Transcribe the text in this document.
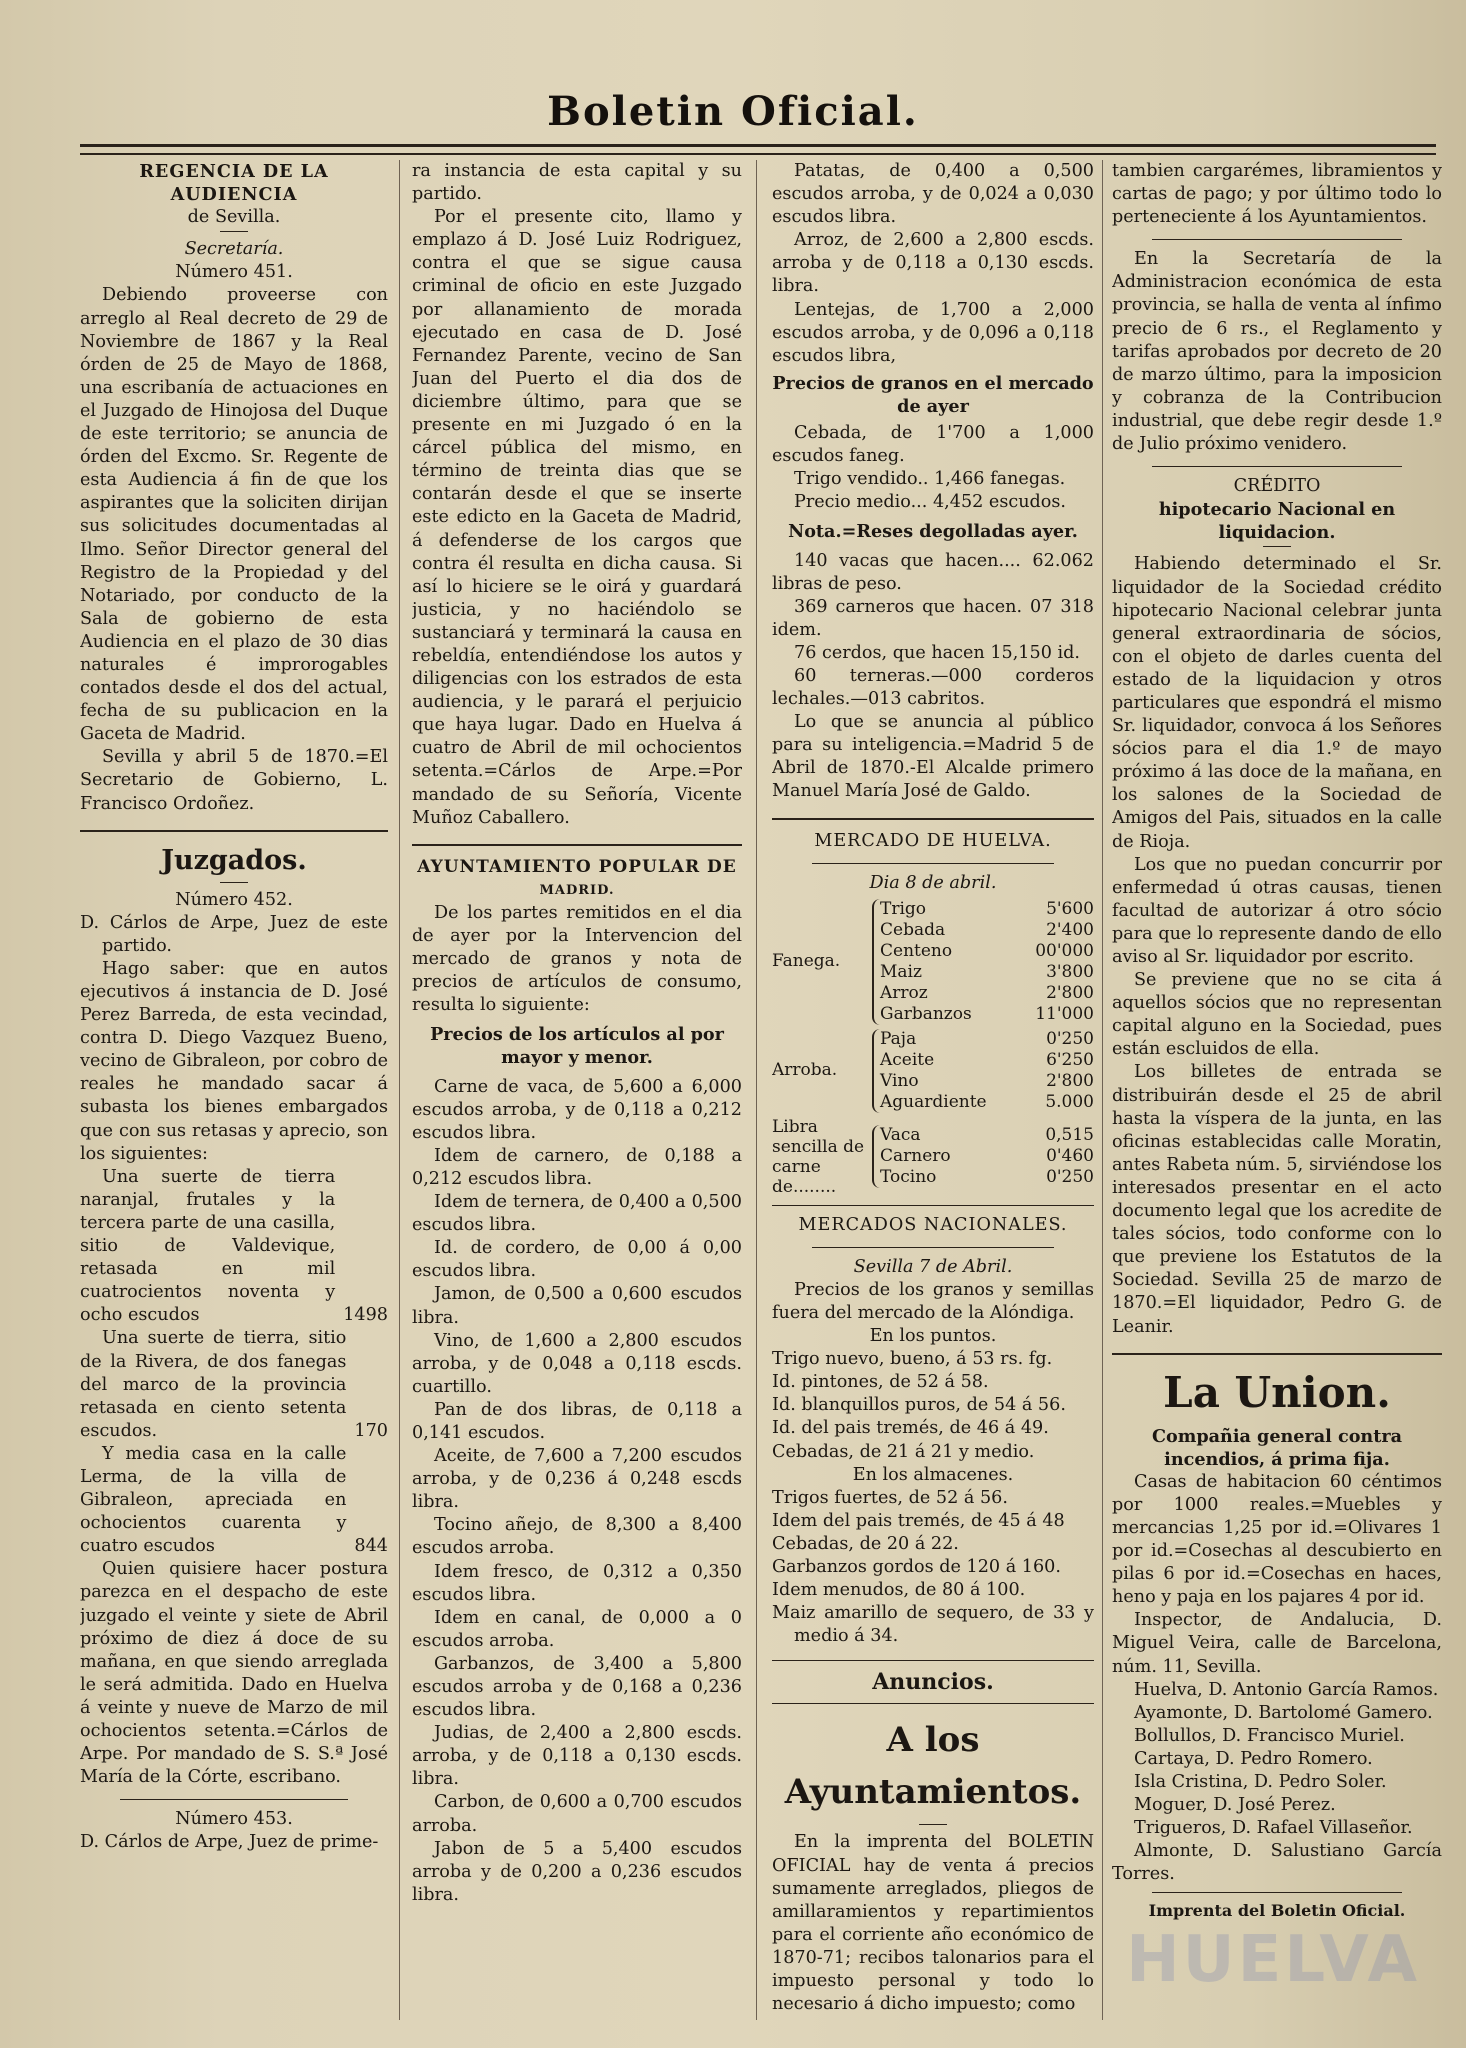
Boletin Oficial.
REGENCIA DE LA AUDIENCIA
de Sevilla.
Secretaría.
Número 451.

Debiendo proveerse con arreglo al Real decreto de 29 de Noviembre de 1867 y la Real órden de 25 de Mayo de 1868, una escribanía de actuaciones en el Juzgado de Hinojosa del Duque de este territorio; se anuncia de órden del Excmo. Sr. Regente de esta Audiencia á fin de que los aspirantes que la soliciten dirijan sus solicitudes documentadas al Ilmo. Señor Director general del Registro de la Propiedad y del Notariado, por conducto de la Sala de gobierno de esta Audiencia en el plazo de 30 dias naturales é improrogables contados desde el dos del actual, fecha de su publicacion en la Gaceta de Madrid.

Sevilla y abril 5 de 1870.=El Secretario de Gobierno, L. Francisco Ordoñez.

Juzgados.
Número 452.

D. Cárlos de Arpe, Juez de este partido.

Hago saber: que en autos ejecutivos á instancia de D. José Perez Barreda, de esta vecindad, contra D. Diego Vazquez Bueno, vecino de Gibraleon, por cobro de reales he mandado sacar á subasta los bienes embargados que con sus retasas y aprecio, son los siguientes:

Una suerte de tierra naranjal, frutales y la tercera parte de una casilla, sitio de Valdevique, retasada en mil cuatrocientos noventa y ocho escudos	1498

Una suerte de tierra, sitio de la Rivera, de dos fanegas del marco de la provincia retasada en ciento setenta escudos.	170

Y media casa en la calle Lerma, de la villa de Gibraleon, apreciada en ochocientos cuarenta y cuatro escudos	844

Quien quisiere hacer postura parezca en el despacho de este juzgado el veinte y siete de Abril próximo de diez á doce de su mañana, en que siendo arreglada le será admitida. Dado en Huelva á veinte y nueve de Marzo de mil ochocientos setenta.=Cárlos de Arpe. Por mandado de S. S.ª José María de la Córte, escribano.

Número 453.

D. Cárlos de Arpe, Juez de prime-

ra instancia de esta capital y su partido.

Por el presente cito, llamo y emplazo á D. José Luiz Rodriguez, contra el que se sigue causa criminal de oficio en este Juzgado por allanamiento de morada ejecutado en casa de D. José Fernandez Parente, vecino de San Juan del Puerto el dia dos de diciembre último, para que se presente en mi Juzgado ó en la cárcel pública del mismo, en término de treinta dias que se contarán desde el que se inserte este edicto en la Gaceta de Madrid, á defenderse de los cargos que contra él resulta en dicha causa. Si así lo hiciere se le oirá y guardará justicia, y no haciéndolo se sustanciará y terminará la causa en rebeldía, entendiéndose los autos y diligencias con los estrados de esta audiencia, y le parará el perjuicio que haya lugar. Dado en Huelva á cuatro de Abril de mil ochocientos setenta.=Cárlos de Arpe.=Por mandado de su Señoría, Vicente Muñoz Caballero.

AYUNTAMIENTO POPULAR DE
MADRID.

De los partes remitidos en el dia de ayer por la Intervencion del mercado de granos y nota de precios de artículos de consumo, resulta lo siguiente:

Precios de los artículos al por mayor y menor.

Carne de vaca, de 5,600 a 6,000 escudos arroba, y de 0,118 a 0,212 escudos libra.

Idem de carnero, de 0,188 a 0,212 escudos libra.

Idem de ternera, de 0,400 a 0,500 escudos libra.

Id. de cordero, de 0,00 á 0,00 escudos libra.

Jamon, de 0,500 a 0,600 escudos libra.

Vino, de 1,600 a 2,800 escudos arroba, y de 0,048 a 0,118 escds. cuartillo.

Pan de dos libras, de 0,118 a 0,141 escudos.

Aceite, de 7,600 a 7,200 escudos arroba, y de 0,236 á 0,248 escds libra.

Tocino añejo, de 8,300 a 8,400 escudos arroba.

Idem fresco, de 0,312 a 0,350 escudos libra.

Idem en canal, de 0,000 a 0 escudos arroba.

Garbanzos, de 3,400 a 5,800 escudos arroba y de 0,168 a 0,236 escudos libra.

Judias, de 2,400 a 2,800 escds. arroba, y de 0,118 a 0,130 escds. libra.

Carbon, de 0,600 a 0,700 escudos arroba.

Jabon de 5 a 5,400 escudos arroba y de 0,200 a 0,236 escudos libra.

Patatas, de 0,400 a 0,500 escudos arroba, y de 0,024 a 0,030 escudos libra.

Arroz, de 2,600 a 2,800 escds. arroba y de 0,118 a 0,130 escds. libra.

Lentejas, de 1,700 a 2,000 escudos arroba, y de 0,096 a 0,118 escudos libra,

Precios de granos en el mercado de ayer

Cebada, de 1'700 a 1,000 escudos faneg.

Trigo vendido.. 1,466 fanegas.

Precio medio... 4,452 escudos.

Nota.=Reses degolladas ayer.

140 vacas que hacen.... 62.062 libras de peso.

369 carneros que hacen. 07 318 idem.

76 cerdos, que hacen 15,150 id.

60 terneras.—000 corderos lechales.—013 cabritos.

Lo que se anuncia al público para su inteligencia.=Madrid 5 de Abril de 1870.-El Alcalde primero Manuel María José de Galdo.

MERCADO DE HUELVA.
Dia 8 de abril.
Fanega.
Trigo	5'600
Cebada	2'400
Centeno	00'000
Maiz	3'800
Arroz	2'800
Garbanzos	11'000
Arroba.
Paja	0'250
Aceite	6'250
Vino	2'800
Aguardiente	5.000
Libra sencilla de carne de........
Vaca	0,515
Carnero	0'460
Tocino	0'250
MERCADOS NACIONALES.
Sevilla 7 de Abril.

Precios de los granos y semillas fuera del mercado de la Alóndiga.

En los puntos.

Trigo nuevo, bueno, á 53 rs. fg.

Id. pintones, de 52 á 58.

Id. blanquillos puros, de 54 á 56.

Id. del pais tremés, de 46 á 49.

Cebadas, de 21 á 21 y medio.

En los almacenes.

Trigos fuertes, de 52 á 56.

Idem del pais tremés, de 45 á 48

Cebadas, de 20 á 22.

Garbanzos gordos de 120 á 160.

Idem menudos, de 80 á 100.

Maiz amarillo de sequero, de 33 y medio á 34.

Anuncios.
A los Ayuntamientos.

En la imprenta del BOLETIN OFICIAL hay de venta á precios sumamente arreglados, pliegos de amillaramientos y repartimientos para el corriente año económico de 1870-71; recibos talonarios para el impuesto personal y todo lo necesario á dicho impuesto; como

tambien cargarémes, libramientos y cartas de pago; y por último todo lo perteneciente á los Ayuntamientos.

En la Secretaría de la Administracion económica de esta provincia, se halla de venta al ínfimo precio de 6 rs., el Reglamento y tarifas aprobados por decreto de 20 de marzo último, para la imposicion y cobranza de la Contribucion industrial, que debe regir desde 1.º de Julio próximo venidero.

CRÉDITO
hipotecario Nacional en liquidacion.

Habiendo determinado el Sr. liquidador de la Sociedad crédito hipotecario Nacional celebrar junta general extraordinaria de sócios, con el objeto de darles cuenta del estado de la liquidacion y otros particulares que espondrá el mismo Sr. liquidador, convoca á los Señores sócios para el dia 1.º de mayo próximo á las doce de la mañana, en los salones de la Sociedad de Amigos del Pais, situados en la calle de Rioja.

Los que no puedan concurrir por enfermedad ú otras causas, tienen facultad de autorizar á otro sócio para que lo represente dando de ello aviso al Sr. liquidador por escrito.

Se previene que no se cita á aquellos sócios que no representan capital alguno en la Sociedad, pues están escluidos de ella.

Los billetes de entrada se distribuirán desde el 25 de abril hasta la víspera de la junta, en las oficinas establecidas calle Moratin, antes Rabeta núm. 5, sirviéndose los interesados presentar en el acto documento legal que los acredite de tales sócios, todo conforme con lo que previene los Estatutos de la Sociedad. Sevilla 25 de marzo de 1870.=El liquidador, Pedro G. de Leanir.

La Union.
Compañia general contra incendios, á prima fija.

Casas de habitacion 60 céntimos por 1000 reales.=Muebles y mercancias 1,25 por id.=Olivares 1 por id.=Cosechas al descubierto en pilas 6 por id.=Cosechas en haces, heno y paja en los pajares 4 por id.

Inspector, de Andalucia, D. Miguel Veira, calle de Barcelona, núm. 11, Sevilla.

Huelva, D. Antonio García Ramos.

Ayamonte, D. Bartolomé Gamero.

Bollullos, D. Francisco Muriel.

Cartaya, D. Pedro Romero.

Isla Cristina, D. Pedro Soler.

Moguer, D. José Perez.

Trigueros, D. Rafael Villaseñor.

Almonte, D. Salustiano García Torres.

Imprenta del Boletin Oficial.
HUELVA
